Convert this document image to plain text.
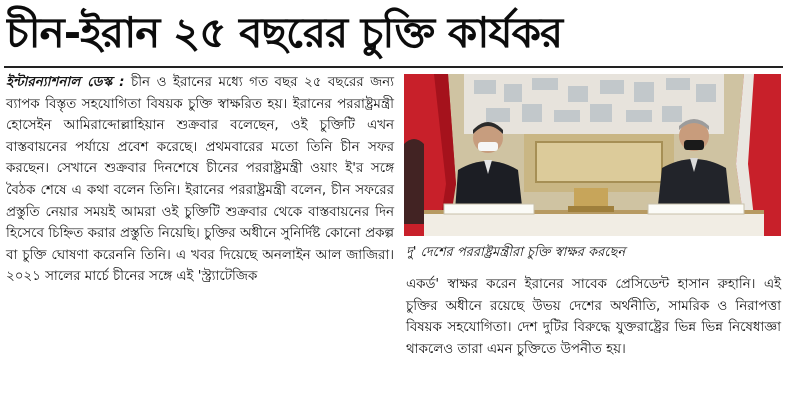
চীন-ইরান ২৫ বছরের চুক্তি কার্যকর

ইন্টারন্যাশনাল ডেস্ক : চীন ও ইরানের মধ্যে গত বছর ২৫ বছরের জন্য ব্যাপক বিস্তৃত সহযোগিতা বিষয়ক চুক্তি স্বাক্ষরিত হয়। ইরানের পররাষ্ট্রমন্ত্রী হোসেইন আমিরাব্দোল্লাহিয়ান শুক্রবার বলেছেন, ওই চুক্তিটি এখন বাস্তবায়নের পর্যায়ে প্রবেশ করেছে। প্রথমবারের মতো তিনি চীন সফর করছেন। সেখানে শুক্রবার দিনশেষে চীনের পররাষ্ট্রমন্ত্রী ওয়াং ই'র সঙ্গে বৈঠক শেষে এ কথা বলেন তিনি। ইরানের পররাষ্ট্রমন্ত্রী বলেন, চীন সফরের প্রস্তুতি নেয়ার সময়ই আমরা ওই চুক্তিটি শুক্রবার থেকে বাস্তবায়নের দিন হিসেবে চিহ্নিত করার প্রস্তুতি নিয়েছি। চুক্তির অধীনে সুনির্দিষ্ট কোনো প্রকল্প বা চুক্তি ঘোষণা করেননি তিনি। এ খবর দিয়েছে অনলাইন আল জাজিরা। ২০২১ সালের মার্চে চীনের সঙ্গে এই 'স্ট্র্যাটেজিক

দু' দেশের পররাষ্ট্রমন্ত্রীরা চুক্তি স্বাক্ষর করছেন

একর্ড' স্বাক্ষর করেন ইরানের সাবেক প্রেসিডেন্ট হাসান রুহানি। এই চুক্তির অধীনে রয়েছে উভয় দেশের অর্থনীতি, সামরিক ও নিরাপত্তা বিষয়ক সহযোগিতা। দেশ দুটির বিরুদ্ধে যুক্তরাষ্ট্রের ভিন্ন ভিন্ন নিষেধাজ্ঞা থাকলেও তারা এমন চুক্তিতে উপনীত হয়।
